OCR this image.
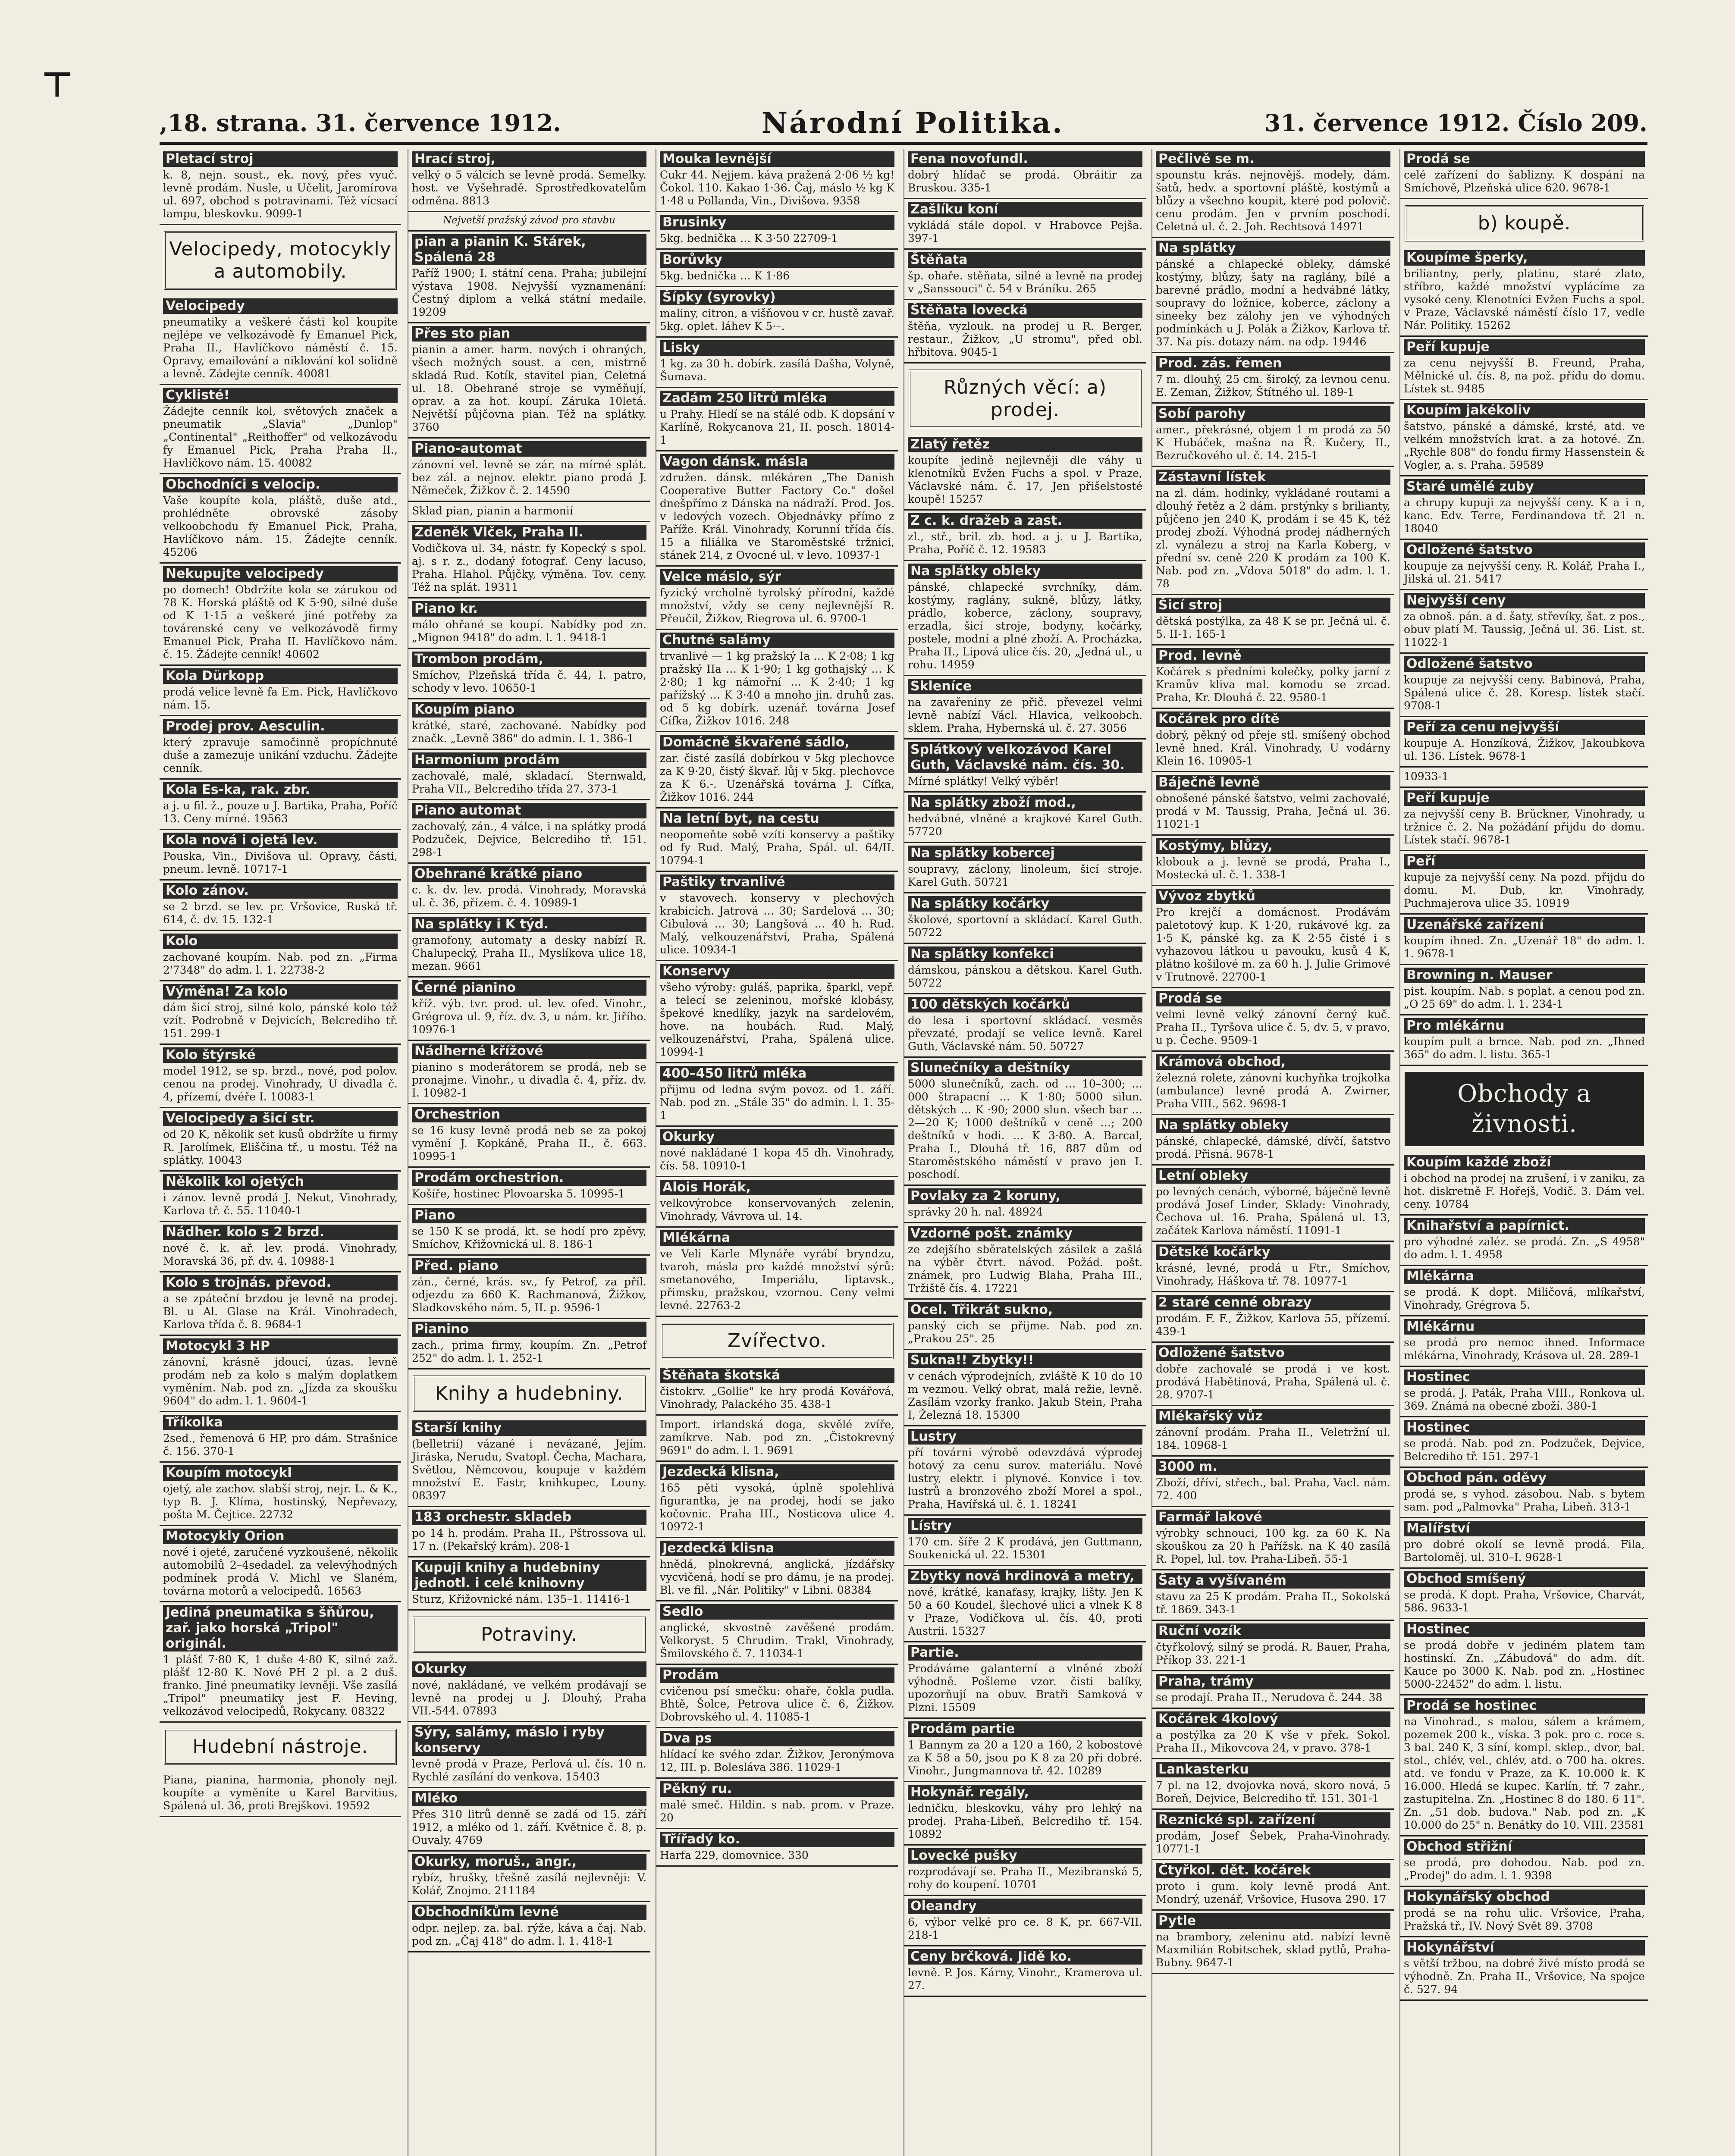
⊤
,18. strana. 31. července 1912.	Národní Politika.	31. července 1912. Číslo 209.
Pletací stroj

k. 8, nejn. soust., ek. nový, přes vyuč. levně prodám. Nusle, u Učelit, Jaromírova ul. 697, obchod s potravinami. Též vícsací lampu, bleskovku. 9099-1

Velocipedy, motocykly a automobily.
Velocipedy

pneumatiky a veškeré části kol koupíte nejlépe ve velkozávodě fy Emanuel Pick, Praha II., Havlíčkovo náměstí č. 15. Opravy, emailování a niklování kol solidně a levně. Zádejte cenník. 40081

Cyklisté!

Žádejte cenník kol, světových značek a pneumatik „Slavia" „Dunlop" „Continental" „Reithoffer" od velkozávodu fy Emanuel Pick, Praha Praha II., Havlíčkovo nám. 15. 40082

Obchodníci s velocip.

Vaše koupíte kola, pláště, duše atd., prohlédněte obrovské zásoby velkoobchodu fy Emanuel Pick, Praha, Havlíčkovo nám. 15. Žádejte cenník. 45206

Nekupujte velocipedy

po domech! Obdržíte kola se zárukou od 78 K. Horská pláště od K 5·90, silné duše od K 1·15 a veškeré jiné potřeby za továrenské ceny ve velkozávodě firmy Emanuel Pick, Praha II. Havlíčkovo nám. č. 15. Žádejte cenník! 40602

Kola Dürkopp

prodá velice levně fa Em. Pick, Havlíčkovo nám. 15.

Prodej prov. Aesculin.

který zpravuje samočinně propíchnuté duše a zamezuje unikání vzduchu. Žádejte cenník.

Kola Es-ka, rak. zbr.

a j. u fil. ž., pouze u J. Bartika, Praha, Poříč 13. Ceny mírné. 19563

Kola nová i ojetá lev.

Pouska, Vin., Divišova ul. Opravy, části, pneum. levně. 10717-1

Kolo zánov.

se 2 brzd. se lev. pr. Vršovice, Ruská tř. 614, č. dv. 15. 132-1

Kolo

zachované koupím. Nab. pod zn. „Firma 2'7348" do adm. l. 1. 22738-2

Výměna! Za kolo

dám šicí stroj, silné kolo, pánské kolo též vzít. Podrobně v Dejvicích, Belcrediho tř. 151. 299-1

Kolo štýrské

model 1912, se sp. brzd., nové, pod polov. cenou na prodej. Vinohrady, U divadla č. 4, přízemí, dvéře I. 10083-1

Velocipedy a šicí str.

od 20 K, několik set kusů obdržíte u firmy R. Jarolímek, Eliščina tř., u mostu. Též na splátky. 10043

Několik kol ojetých

i zánov. levně prodá J. Nekut, Vinohrady, Karlova tř. č. 55. 11040-1

Nádher. kolo s 2 brzd.

nové č. k. ař. lev. prodá. Vinohrady, Moravská 36, př. dv. 4. 10988-1

Kolo s trojnás. převod.

a se zpáteční brzdou je levně na prodej. Bl. u Al. Glase na Král. Vinohradech, Karlova třída č. 8. 9684-1

Motocykl 3 HP

zánovní, krásně jdoucí, úzas. levně prodám neb za kolo s malým doplatkem vyměním. Nab. pod zn. „Jízda za skoušku 9604" do adm. l. 1. 9604-1

Tříkolka

2sed., řemenová 6 HP, pro dám. Strašnice č. 156. 370-1

Koupím motocykl

ojetý, ale zachov. slabší stroj, nejr. L. & K., typ B. J. Klíma, hostinský, Nepřevazy, pošta M. Čejtice. 22732

Motocykly Orion

nové i ojeté, zaručené vyzkoušené, několik automobilů 2–4sedadel. za velevýhodných podmínek prodá V. Michl ve Slaném, továrna motorů a velocipedů. 16563

Jediná pneumatika s šňůrou, zař. jako horská „Tripol" originál.

1 plášť 7·80 K, 1 duše 4·80 K, silné zaž. plášť 12·80 K. Nové PH 2 pl. a 2 duš. franko. Jiné pneumatiky levněji. Vše zasílá „Tripol" pneumatiky jest F. Heving, velkozávod velocipedů, Rokycany. 08322

Hudební nástroje.

Piana, pianina, harmonia, phonoly nejl. koupíte a vyměníte u Karel Barvitius, Spálená ul. 36, proti Brejškovi. 19592

Hrací stroj,

velký o 5 válcích se levně prodá. Semelky. host. ve Vyšehradě. Sprostředkovatelům odměna. 8813

Nejvetší pražský závod pro stavbu
pian a pianin K. Stárek, Spálená 28

Paříž 1900; I. státní cena. Praha; jubilejní výstava 1908. Nejvyšší vyznamenání: Čestný diplom a velká státní medaile. 19209

Přes sto pian

pianin a amer. harm. nových i ohraných, všech možných soust. a cen, mistrně skladá Rud. Kotík, stavitel pian, Celetná ul. 18. Obehrané stroje se vyměňují, oprav. a za hot. koupí. Záruka 10letá. Největší půjčovna pian. Též na splátky. 3760

Piano-automat

zánovní vel. levně se zár. na mírné splát. bez zál. a nejnov. elektr. piano prodá J. Němeček, Žižkov č. 2. 14590

Sklad pian, pianin a harmonií

Zdeněk Vlček, Praha II.

Vodičkova ul. 34, nástr. fy Kopecký s spol. aj. s r. z., dodaný fotograf. Ceny lacuso, Praha. Hlahol. Půjčky, výměna. Tov. ceny. Též na splát. 19311

Piano kr.

málo ohřané se koupí. Nabídky pod zn. „Mignon 9418" do adm. l. 1. 9418-1

Trombon prodám,

Smíchov, Plzeňská třída č. 44, I. patro, schody v levo. 10650-1

Koupím piano

krátké, staré, zachované. Nabídky pod značk. „Levně 386" do admin. l. 1. 386-1

Harmonium prodám

zachovalé, malé, skladací. Sternwald, Praha VII., Belcrediho třída 27. 373-1

Piano automat

zachovalý, zán., 4 válce, i na splátky prodá Podzuček, Dejvice, Belcrediho tř. 151. 298-1

Obehrané krátké piano

c. k. dv. lev. prodá. Vinohrady, Moravská ul. č. 36, přízem. č. 4. 10989-1

Na splátky i K týd.

gramofony, automaty a desky nabízí R. Chalupecký, Praha II., Myslíkova ulice 18, mezan. 9661

Černé pianino

kříž. výb. tvr. prod. ul. lev. ofed. Vinohr., Grégrova ul. 9, říz. dv. 3, u nám. kr. Jiřího. 10976-1

Nádherné křížové

pianino s moderátorem se prodá, neb se pronajme. Vinohr., u divadla č. 4, příz. dv. I. 10982-1

Orchestrion

se 16 kusy levně prodá neb se za pokoj vymění J. Kopkáně, Praha II., č. 663. 10995-1

Prodám orchestrion.

Košíře, hostinec Plovoarska 5. 10995-1

Piano

se 150 K se prodá, kt. se hodí pro zpěvy, Smíchov, Křižovnická ul. 8. 186-1

Před. piano

zán., černé, krás. sv., fy Petrof, za příl. odjezdu za 660 K. Rachmanová, Žižkov, Sladkovského nám. 5, II. p. 9596-1

Pianino

zach., prima firmy, koupím. Zn. „Petrof 252" do adm. l. 1. 252-1

Knihy a hudebniny.
Starší knihy

(belletrií) vázané i nevázané, Jejím. Jiráska, Nerudu, Svatopl. Čecha, Machara, Světlou, Němcovou, koupuje v každém množství E. Fastr, knihkupec, Louny. 08397

183 orchestr. skladeb

po 14 h. prodám. Praha II., Pštrossova ul. 17 n. (Pekařský krám). 208-1

Kupuji knihy a hudebniny jednotl. i celé knihovny

Sturz, Křižovnické nám. 135–1. 11416-1

Potraviny.
Okurky

nové, nakládané, ve velkém prodávají se levně na prodej u J. Dlouhý, Praha VII.-544. 07893

Sýry, salámy, máslo i ryby konservy

levně prodá v Praze, Perlová ul. čís. 10 n. Rychlé zasílání do venkova. 15403

Mléko

Přes 310 litrů denně se zadá od 15. září 1912, a mléko od 1. září. Květnice č. 8, p. Ouvaly. 4769

Okurky, moruš., angr.,

rybíz, hrušky, třešně zasílá nejlevněji: V. Kolář, Znojmo. 211184

Obchodníkům levné

odpr. nejlep. za. bal. rýže, káva a čaj. Nab. pod zn. „Čaj 418" do adm. l. 1. 418-1

Mouka levnější

Cukr 44. Nejjem. káva pražená 2·06 ½ kg! Čokol. 110. Kakao 1·36. Čaj, máslo ½ kg K 1·48 u Pollanda, Vin., Divišova. 9358

Brusinky

5kg. bednička … K 3·50 22709-1

Borůvky

5kg. bednička … K 1·86

Šípky (syrovky)

maliny, citron, a višňovou v cr. hustě zavař. 5kg. oplet. láhev K 5·–.

Lisky

1 kg. za 30 h. dobírk. zasílá Dašha, Volyně, Šumava.

Zadám 250 litrů mléka

u Prahy. Hledí se na stálé odb. K dopsání v Karlíně, Rokycanova 21, II. posch. 18014-1

Vagon dánsk. másla

združen. dánsk. mlékáren „The Danish Cooperative Butter Factory Co." došel dnešpřímo z Dánska na nádraží. Prod. Jos. v ledových vozech. Objednávky přímo z Paříže. Král. Vinohrady, Korunní třída čís. 15 a filiálka ve Staroměstské tržnici, stánek 214, z Ovocné ul. v levo. 10937-1

Velce máslo, sýr

fyzický vrcholně tyrolský přírodní, každé množství, vždy se ceny nejlevnější R. Přeučil, Žižkov, Riegrova ul. 6. 9700-1

Chutné salámy

trvanlivé — 1 kg pražský Ia … K 2·08; 1 kg pražský IIa … K 1·90; 1 kg gothajský … K 2·80; 1 kg námořní … K 2·40; 1 kg pařížský … K 3·40 a mnoho jin. druhů zas. od 5 kg dobírk. uzenář. továrna Josef Cífka, Žižkov 1016. 248

Domácně škvařené sádlo,

zar. čisté zasílá dobírkou v 5kg plechovce za K 9·20, čistý škvař. lůj v 5kg. plechovce za K 6.-. Uzenářská továrna J. Cífka, Žižkov 1016. 244

Na letní byt, na cestu

neopomeňte sobě vzíti konservy a paštiky od fy Rud. Malý, Praha, Spál. ul. 64/II. 10794-1

Paštiky trvanlivé

v stavovech. konservy v plechových krabicích. Jatrová … 30; Sardelová … 30; Cibulová … 30; Langšová … 40 h. Rud. Malý, velkouzenářství, Praha, Spálená ulice. 10934-1

Konservy

všeho výroby: guláš, paprika, šparkl, vepř. a telecí se zeleninou, mořské klobásy, špekové knedlíky, jazyk na sardelovém, hove. na houbách. Rud. Malý, velkouzenářství, Praha, Spálená ulice. 10994-1

400–450 litrů mléka

přijmu od ledna svým povoz. od 1. září. Nab. pod zn. „Stále 35" do admin. l. 1. 35-1

Okurky

nové nakládané 1 kopa 45 dh. Vinohrady, čís. 58. 10910-1

Alois Horák,

velkovýrobce konservovaných zelenin, Vinohrady, Vávrova ul. 14.

Mlékárna

ve Veli Karle Mlynáře vyrábí bryndzu, tvaroh, másla pro každé množství sýrů: smetanového, Imperiálu, liptavsk., přimsku, pražskou, vzornou. Ceny velmi levné. 22763-2

Zvířectvo.
Štěňata škotská

čistokrv. „Gollie" ke hry prodá Kovářová, Vinohrady, Palackého 35. 438-1

Import. irlandská doga, skvělé zvíře, zamíkrve. Nab. pod zn. „Čistokrevný 9691" do adm. l. 1. 9691

Jezdecká klisna,

165 pěti vysoká, úplně spolehlivá figurantka, je na prodej, hodí se jako kočovnic. Praha III., Nosticova ulice 4. 10972-1

Jezdecká klisna

hnědá, plnokrevná, anglická, jízdářsky vycvičená, hodí se pro dámu, je na prodej. Bl. ve fil. „Nár. Politiky" v Libni. 08384

Sedlo

anglické, skvostně zavěšené prodám. Velkoryst. 5 Chrudim. Trakl, Vinohrady, Šmilovského č. 7. 11034-1

Prodám

cvičenou psí smečku: ohaře, čokla pudla. Bhtě, Šolce, Petrova ulice č. 6, Žižkov. Dobrovského ul. 4. 11085-1

Dva ps

hlídací ke svého zdar. Žižkov, Jeronýmova 12, III. p. Bolesláva 386. 11029-1

Pěkný ru.

malé smeč. Hildin. s nab. prom. v Praze. 20

Třířadý ko.

Harfa 229, domovnice. 330

Fena novofundl.

dobrý hlídač se prodá. Obráitir za Bruskou. 335-1

Zašlíku koní

vykládá stále dopol. v Hrabovce Pejša. 397-1

Štěňata

šp. ohaře. stěňata, silné a levně na prodej v „Sanssouci" č. 54 v Bráníku. 265

Štěňata lovecká

štěňa, vyzlouk. na prodej u R. Berger, restaur., Žižkov, „U stromu", před obl. hřbitova. 9045-1

Různých věcí: a) prodej.
Zlatý řetěz

koupíte jedině nejlevněji dle váhy u klenotníků Evžen Fuchs a spol. v Praze, Václavské nám. č. 17, Jen přišelstosté koupě! 15257

Z c. k. dražeb a zast.

zl., stř., bril. zb. hod. a j. u J. Bartíka, Praha, Poříč č. 12. 19583

Na splátky obleky

pánské, chlapecké svrchníky, dám. kostýmy, raglány, sukně, blůzy, látky, prádlo, koberce, záclony, soupravy, erzadla, šicí stroje, bodyny, kočárky, postele, modní a plné zboží. A. Procházka, Praha II., Lipová ulice čís. 20, „Jedná ul., u rohu. 14959

Skleníce

na zavařeniny ze přič. převezel velmi levně nabízí Václ. Hlavica, velkoobch. sklem. Praha, Hybernská ul. č. 27. 3056

Splátkový velkozávod Karel Guth, Václavské nám. čís. 30.

Mírné splátky! Velký výběr!

Na splátky zboží mod.,

hedvábné, vlněné a krajkové Karel Guth. 57720

Na splátky kobercej

soupravy, záclony, linoleum, šicí stroje. Karel Guth. 50721

Na splátky kočárky

školové, sportovní a skládací. Karel Guth. 50722

Na splátky konfekci

dámskou, pánskou a dětskou. Karel Guth. 50722

100 dětských kočárků

do lesa i sportovní skládací. vesměs převzaté, prodají se velice levně. Karel Guth, Václavské nám. 50. 50727

Slunečníky a deštníky

5000 slunečníků, zach. od … 10–300; … 000 štrapacní … K 1·80; 5000 silun. dětských … K ·90; 2000 slun. všech bar … 2—20 K; 1000 deštníků v ceně …; 200 deštníků v hodi. … K 3·80. A. Barcal, Praha I., Dlouhá tř. 16, 887 dům od Staroměstského náměstí v pravo jen I. poschodí.

Povlaky za 2 koruny,

správky 20 h. nal. 48924

Vzdorné pošt. známky

ze zdejšího sběratelských zásilek a zašlá na výběr čtvrt. návod. Požád. pošt. známek, pro Ludwig Blaha, Praha III., Tržiště čís. 4. 17221

Ocel. Třikrát sukno,

panský cich se přijme. Nab. pod zn. „Prakou 25". 25

Sukna!! Zbytky!!

v cenách výprodejních, zvláště K 10 do 10 m vezmou. Velký obrat, malá režie, levně. Zasílám vzorky franko. Jakub Stein, Praha I, Železná 18. 15300

Lustry

pří továrni výrobě odevzdává výprodej hotový za cenu surov. materiálu. Nové lustry, elektr. i plynové. Konvice i tov. lustrů a bronzového zboží Morel a spol., Praha, Havířská ul. č. 1. 18241

Lístry

170 cm. šíře 2 K prodává, jen Guttmann, Soukenická ul. 22. 15301

Zbytky nová hrdinová a metry,

nové, krátké, kanafasy, krajky, lišty. Jen K 50 a 60 Koudel, šlechové ulici a vlnek K 8 v Praze, Vodičkova ul. čís. 40, proti Austrii. 15327

Partie.

Prodáváme galanterní a vlněné zboží výhodně. Pošleme vzor. čisti balíky, upozorňují na obuv. Bratři Samková v Plzni. 15509

Prodám partie

1 Bannym za 20 a 120 a 160, 2 kobostové za K 58 a 50, jsou po K 8 za 20 při dobré. Vinohr., Jungmannova tř. 42. 10289

Hokynář. regály,

ledničku, bleskovku, váhy pro lehký na prodej. Praha-Libeň, Belcrediho tř. 154. 10892

Lovecké pušky

rozprodávají se. Praha II., Mezibranská 5, rohy do koupení. 10701

Oleandry

6, výbor velké pro ce. 8 K, pr. 667-VII. 218-1

Ceny brčková. Jidě ko.

levně. P. Jos. Kárny, Vinohr., Kramerova ul. 27.

Pečlivě se m.

spounstu krás. nejnovějš. modely, dám. šatů, hedv. a sportovní pláště, kostýmů a blůzy a všechno koupit, které pod polovič. cenu prodám. Jen v prvním poschodí. Celetná ul. č. 2. Joh. Rechtsová 14971

Na splátky

pánské a chlapecké obleky, dámské kostýmy, blůzy, šaty na raglány, bílé a barevné prádlo, modní a hedvábné látky, soupravy do ložnice, koberce, záclony a sineeky bez zálohy jen ve výhodných podmínkách u J. Polák a Žižkov, Karlova tř. 37. Na pís. dotazy nám. na odp. 19446

Prod. zás. řemen

7 m. dlouhý, 25 cm. široký, za levnou cenu. E. Zeman, Žižkov, Štítného ul. 189-1

Sobí parohy

amer., překrásné, objem 1 m prodá za 50 K Hubáček, mašna na Ř. Kučery, II., Bezručkového ul. č. 14. 215-1

Zástavní lístek

na zl. dám. hodinky, vykládané routami a dlouhý řetěz a 2 dám. prstýnky s brilianty, půjčeno jen 240 K, prodám i se 45 K, též prodej zboží. Výhodná prodej nádherných zl. vynálezu a stroj na Karla Koberg, v přední sv. ceně 220 K prodám za 100 K. Nab. pod zn. „Vdova 5018" do adm. l. 1. 78

Šicí stroj

dětská postýlka, za 48 K se pr. Ječná ul. č. 5. II-1. 165-1

Prod. levně

Kočárek s předními kolečky, polky jarní z Kramův kliva mal. komodu se zrcad. Praha, Kr. Dlouhá č. 22. 9580-1

Kočárek pro dítě

dobrý, pěkný od přeje stl. smíšený obchod levně hned. Král. Vinohrady, U vodárny Klein 16. 10905-1

Báječně levně

obnošené pánské šatstvo, velmi zachovalé, prodá v M. Taussig, Praha, Ječná ul. 36. 11021-1

Kostýmy, blůzy,

klobouk a j. levně se prodá, Praha I., Mostecká ul. č. 1. 338-1

Vývoz zbytků

Pro krejčí a domácnost. Prodávám paletotový kup. K 1·20, rukávové kg. za 1·5 K, pánské kg. za K 2·55 čisté i s vyhazovou látkou u pavouku, kusů 4 K, plátno košilové m. za 60 h. J. Julie Grimové v Trutnově. 22700-1

Prodá se

velmi levně velký zánovní černý kuč. Praha II., Tyršova ulice č. 5, dv. 5, v pravo, u p. Čeche. 9509-1

Krámová obchod,

železná rolete, zánovní kuchyňka trojkolka (ambulance) levně prodá A. Zwirner, Praha VIII., 562. 9698-1

Na splátky obleky

pánské, chlapecké, dámské, dívčí, šatstvo prodá. Přisná. 9678-1

Letní obleky

po levných cenách, výborné, báječně levně prodává Josef Linder, Sklady: Vinohrady, Čechova ul. 16. Praha, Spálená ul. 13, začátek Karlova náměstí. 11091-1

Dětské kočárky

krásné, levné, prodá u Ftr., Smíchov, Vinohrady, Háškova tř. 78. 10977-1

2 staré cenné obrazy

prodám. F. F., Žižkov, Karlova 55, přízemí. 439-1

Odložené šatstvo

dobře zachovalé se prodá i ve kost. prodává Habětinová, Praha, Spálená ul. č. 28. 9707-1

Mlékařský vůz

zánovní prodám. Praha II., Veletržní ul. 184. 10968-1

3000 m.

Zboží, dříví, střech., bal. Praha, Vacl. nám. 72. 400

Farmář lakové

výrobky schnouci, 100 kg. za 60 K. Na skouškou za 20 h Pařížsk. na K 40 zasílá R. Popel, lul. tov. Praha-Libeň. 55-1

Šaty a vyšívaném

stavu za 25 K prodám. Praha II., Sokolská tř. 1869. 343-1

Ruční vozík

čtyřkolový, silný se prodá. R. Bauer, Praha, Příkop 33. 221-1

Praha, trámy

se prodají. Praha II., Nerudova č. 244. 38

Kočárek 4kolový

a postýlka za 20 K vše v přek. Sokol. Praha II., Mikovcova 24, v pravo. 378-1

Lankasterku

7 pl. na 12, dvojovka nová, skoro nová, 5 Boreň, Dejvice, Belcrediho tř. 151. 301-1

Reznické spl. zařízení

prodám, Josef Šebek, Praha-Vinohrady. 10771-1

Čtyřkol. dět. kočárek

proto i gum. koly levně prodá Ant. Mondrý, uzenář, Vršovice, Husova 290. 17

Pytle

na brambory, zeleninu atd. nabízí levně Maxmilián Robitschek, sklad pytlů, Praha-Bubny. 9647-1

Prodá se

celé zařízení do šablizny. K dospání na Smíchově, Plzeňská ulice 620. 9678-1

b) koupě.
Koupíme šperky,

briliantny, perly, platinu, staré zlato, stříbro, každé množství vyplácíme za vysoké ceny. Klenotníci Evžen Fuchs a spol. v Praze, Václavské náměstí číslo 17, vedle Nár. Politiky. 15262

Peří kupuje

za cenu nejvyšší B. Freund, Praha, Mělnické ul. čís. 8, na pož. přídu do domu. Lístek st. 9485

Koupím jakékoliv

šatstvo, pánské a dámské, krsté, atd. ve velkém množstvích krat. a za hotové. Zn. „Rychle 808" do fondu firmy Hassenstein & Vogler, a. s. Praha. 59589

Staré umělé zuby

a chrupy kupuji za nejvyšší ceny. K a i n, kanc. Edv. Terre, Ferdinandova tř. 21 n. 18040

Odložené šatstvo

koupuje za nejvyšší ceny. R. Kolář, Praha I., Jilská ul. 21. 5417

Nejvyšší ceny

za obnoš. pán. a d. šaty, střevíky, šat. z pos., obuv platí M. Taussig, Ječná ul. 36. List. st. 11022-1

Odložené šatstvo

koupuje za nejvyšší ceny. Babinová, Praha, Spálená ulice č. 28. Koresp. lístek stačí. 9708-1

Peří za cenu nejvyšší

koupuje A. Honzíková, Žižkov, Jakoubkova ul. 136. Lístek. 9678-1

10933-1

Peří kupuje

za nejvyšší ceny B. Brückner, Vinohrady, u tržnice č. 2. Na požádání přijdu do domu. Lístek stačí. 9678-1

Peří

kupuje za nejvyšší ceny. Na pozd. přijdu do domu. M. Dub, kr. Vinohrady, Puchmajerova ulice 35. 10919

Uzenářské zařízení

koupím ihned. Zn. „Uzenář 18" do adm. l. 1. 9678-1

Browning n. Mauser

pist. koupím. Nab. s poplat. a cenou pod zn. „O 25 69" do adm. l. 1. 234-1

Pro mlékárnu

koupím pult a brnce. Nab. pod zn. „Ihned 365" do adm. l. listu. 365-1

Obchody a živnosti.
Koupím každé zboží

i obchod na prodej na zrušení, i v zaniku, za hot. diskretně F. Hořejš, Vodič. 3. Dám vel. ceny. 10784

Knihařství a papírnict.

pro výhodné zaléz. se prodá. Zn. „S 4958" do adm. l. 1. 4958

Mlékárna

se prodá. K dopt. Miličová, mlíkařství, Vinohrady, Grégrova 5.

Mlékárnu

se prodá pro nemoc ihned. Informace mlékárna, Vinohrady, Krásova ul. 28. 289-1

Hostinec

se prodá. J. Paták, Praha VIII., Ronkova ul. 369. Známá na obecné zboží. 380-1

Hostinec

se prodá. Nab. pod zn. Podzuček, Dejvice, Belcrediho tř. 151. 297-1

Obchod pán. oděvy

prodá se, s vyhod. zásobou. Nab. s bytem sam. pod „Palmovka" Praha, Libeň. 313-1

Malířství

pro dobré okolí se levně prodá. Fila, Bartoloměj. ul. 310–I. 9628-1

Obchod smíšený

se prodá. K dopt. Praha, Vršovice, Charvát, 586. 9633-1

Hostinec

se prodá dobře v jediném platem tam hostinskí. Zn. „Zábudová" do adm. dít. Kauce po 3000 K. Nab. pod zn. „Hostinec 5000-22452" do adm. l. listu.

Prodá se hostinec

na Vinohrad., s malou, sálem a krámem, pozemek 200 k., víska. 3 pok. pro c. roce s. 3 bal. 240 K, 3 síní, kompl. sklep., dvor, bal. stol., chlév, vel., chlév, atd. o 700 ha. okres. atd. ve fondu v Praze, za K. 10.000 k. K 16.000. Hledá se kupec. Karlín, tř. 7 zahr., zastupitelna. Zn. „Hostinec 8 do 180. 6 11". Zn. „51 dob. budova." Nab. pod zn. „K 10.000 do 25" n. Benátky do 10. VIII. 23581

Obchod střižní

se prodá, pro dohodou. Nab. pod zn. „Prodej" do adm. l. 1. 9398

Hokynářský obchod

prodá se na rohu ulic. Vršovice, Praha, Pražská tř., IV. Nový Svět 89. 3708

Hokynářství

s větší tržbou, na dobré živé místo prodá se výhodně. Zn. Praha II., Vršovice, Na spojce č. 527. 94
